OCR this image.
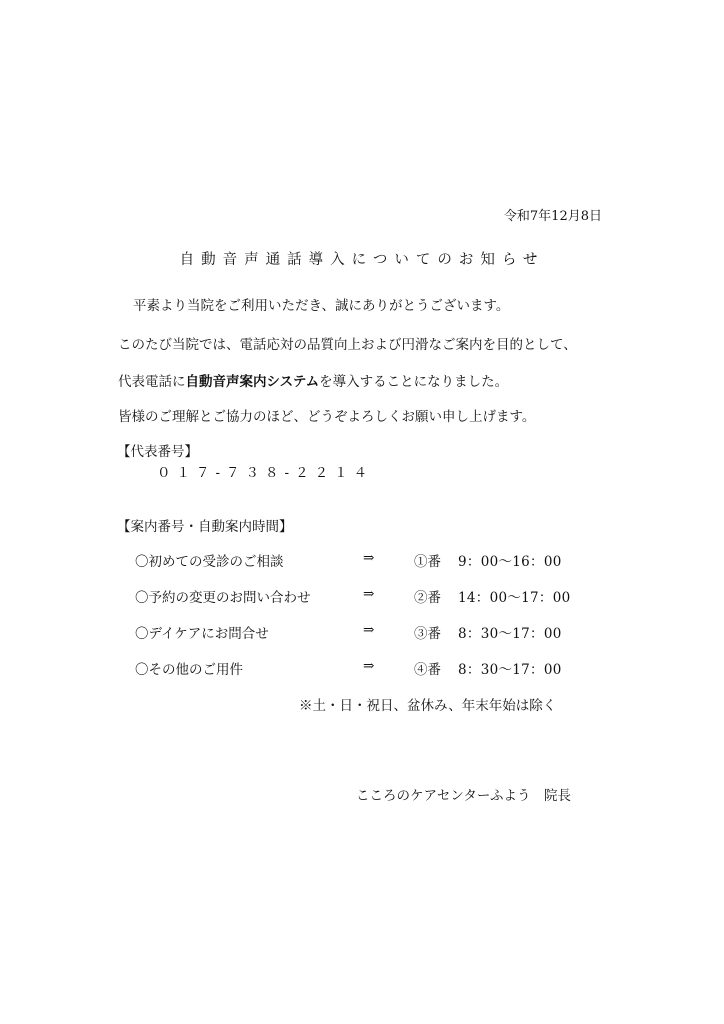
令和7年12月8日
自動音声通話導入についてのお知らせ
平素より当院をご利用いただき、誠にありがとうございます。
このたび当院では、電話応対の品質向上および円滑なご案内を目的として、
代表電話に自動音声案内システムを導入することになりました。
皆様のご理解とご協力のほど、どうぞよろしくお願い申し上げます。
【代表番号】
０１７‐７３８‐２２１４
【案内番号・自動案内時間】
〇初めての受診のご相談	⇒	①番 9：00〜16：00
〇予約の変更のお問い合わせ	⇒	②番 14：00〜17：00
〇デイケアにお問合せ	⇒	③番 8：30〜17：00
〇その他のご用件	⇒	④番 8：30〜17：00
※土・日・祝日、盆休み、年末年始は除く
こころのケアセンターふよう　院長
